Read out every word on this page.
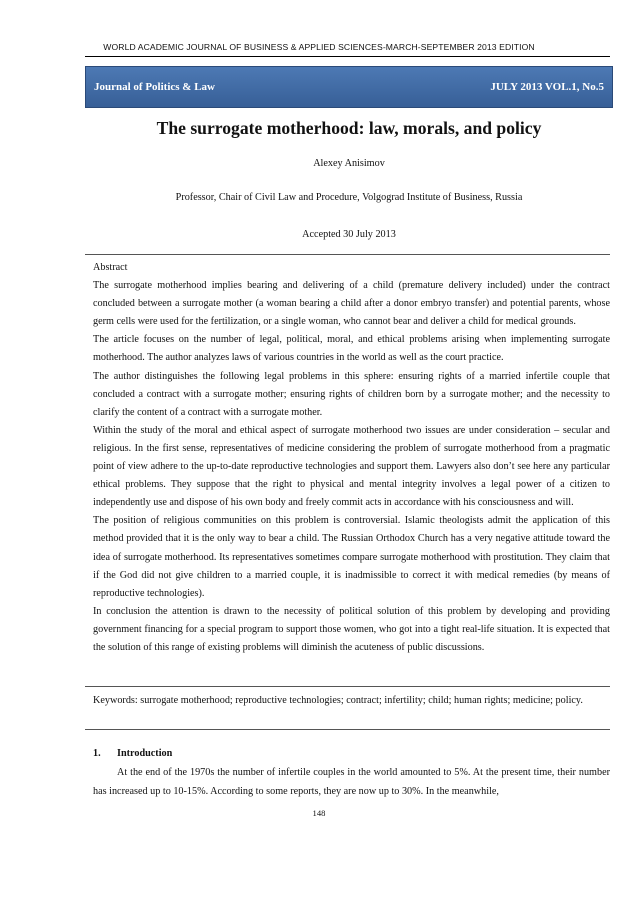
WORLD ACADEMIC JOURNAL OF BUSINESS & APPLIED SCIENCES-MARCH-SEPTEMBER 2013 EDITION
Journal of Politics & Law	JULY 2013 VOL.1, No.5
The surrogate motherhood: law, morals, and policy
Alexey Anisimov
Professor, Chair of Civil Law and Procedure, Volgograd Institute of Business, Russia
Accepted 30 July 2013

Abstract

The surrogate motherhood implies bearing and delivering of a child (premature delivery included) under the contract concluded between a surrogate mother (a woman bearing a child after a donor embryo transfer) and potential parents, whose germ cells were used for the fertilization, or a single woman, who cannot bear and deliver a child for medical grounds.

The article focuses on the number of legal, political, moral, and ethical problems arising when implementing surrogate motherhood. The author analyzes laws of various countries in the world as well as the court practice.

The author distinguishes the following legal problems in this sphere: ensuring rights of a married infertile couple that concluded a contract with a surrogate mother; ensuring rights of children born by a surrogate mother; and the necessity to clarify the content of a contract with a surrogate mother.

Within the study of the moral and ethical aspect of surrogate motherhood two issues are under consideration – secular and religious. In the first sense, representatives of medicine considering the problem of surrogate motherhood from a pragmatic point of view adhere to the up-to-date reproductive technologies and support them. Lawyers also don’t see here any particular ethical problems. They suppose that the right to physical and mental integrity involves a legal power of a citizen to independently use and dispose of his own body and freely commit acts in accordance with his consciousness and will.

The position of religious communities on this problem is controversial. Islamic theologists admit the application of this method provided that it is the only way to bear a child. The Russian Orthodox Church has a very negative attitude toward the idea of surrogate motherhood. Its representatives sometimes compare surrogate motherhood with prostitution. They claim that if the God did not give children to a married couple, it is inadmissible to correct it with medical remedies (by means of reproductive technologies).

In conclusion the attention is drawn to the necessity of political solution of this problem by developing and providing government financing for a special program to support those women, who got into a tight real-life situation. It is expected that the solution of this range of existing problems will diminish the acuteness of public discussions.

Keywords: surrogate motherhood; reproductive technologies; contract; infertility; child; human rights; medicine; policy.
1. Introduction

At the end of the 1970s the number of infertile couples in the world amounted to 5%. At the present time, their number has increased up to 10-15%. According to some reports, they are now up to 30%. In the meanwhile,

148
